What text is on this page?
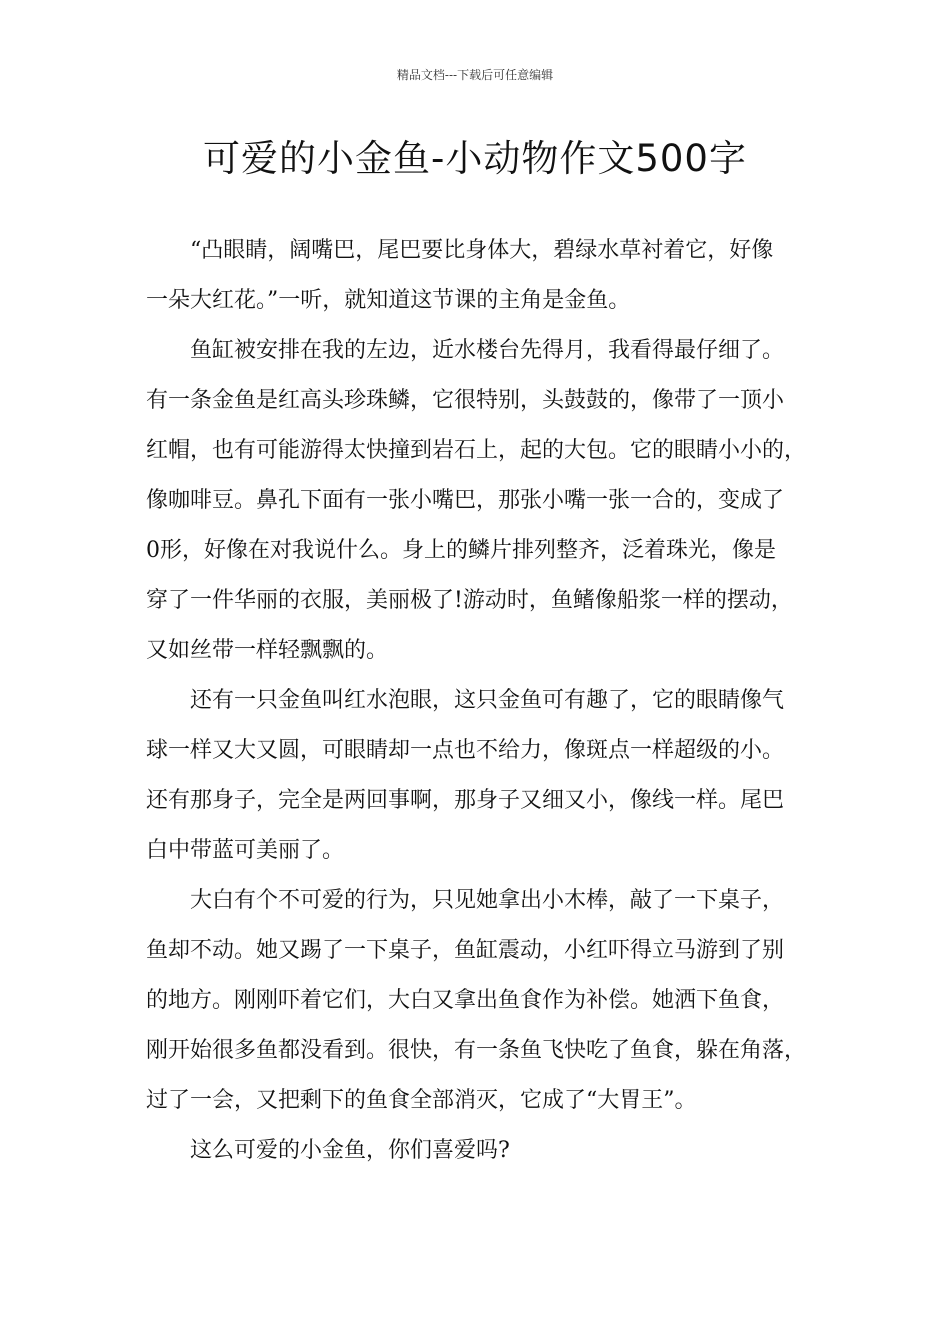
精品文档---下载后可任意编辑
可爱的小金鱼-小动物作文500字
“凸眼睛，阔嘴巴，尾巴要比身体大，碧绿水草衬着它，好像
一朵大红花。”一听，就知道这节课的主角是金鱼。
鱼缸被安排在我的左边，近水楼台先得月，我看得最仔细了。
有一条金鱼是红高头珍珠鳞，它很特别，头鼓鼓的，像带了一顶小
红帽，也有可能游得太快撞到岩石上，起的大包。它的眼睛小小的，
像咖啡豆。鼻孔下面有一张小嘴巴，那张小嘴一张一合的，变成了
0形，好像在对我说什么。身上的鳞片排列整齐，泛着珠光，像是
穿了一件华丽的衣服，美丽极了!游动时，鱼鳍像船浆一样的摆动，
又如丝带一样轻飘飘的。
还有一只金鱼叫红水泡眼，这只金鱼可有趣了，它的眼睛像气
球一样又大又圆，可眼睛却一点也不给力，像斑点一样超级的小。
还有那身子，完全是两回事啊，那身子又细又小，像线一样。尾巴
白中带蓝可美丽了。
大白有个不可爱的行为，只见她拿出小木棒，敲了一下桌子，
鱼却不动。她又踢了一下桌子，鱼缸震动，小红吓得立马游到了别
的地方。刚刚吓着它们，大白又拿出鱼食作为补偿。她洒下鱼食，
刚开始很多鱼都没看到。很快，有一条鱼飞快吃了鱼食，躲在角落，
过了一会，又把剩下的鱼食全部消灭，它成了“大胃王”。
这么可爱的小金鱼，你们喜爱吗?
